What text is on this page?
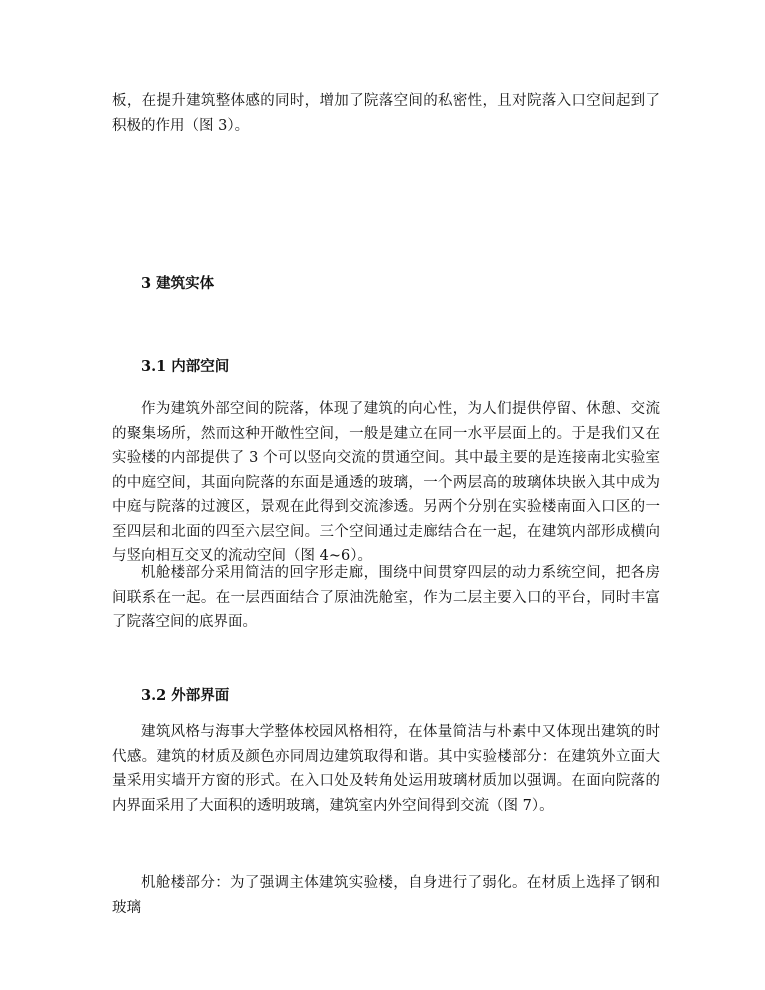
板，在提升建筑整体感的同时，增加了院落空间的私密性，且对院落入口空间起到了积极的作用（图 3）。

3 建筑实体
3.1 内部空间

作为建筑外部空间的院落，体现了建筑的向心性，为人们提供停留、休憩、交流的聚集场所，然而这种开敞性空间，一般是建立在同一水平层面上的。于是我们又在实验楼的内部提供了 3 个可以竖向交流的贯通空间。其中最主要的是连接南北实验室的中庭空间，其面向院落的东面是通透的玻璃，一个两层高的玻璃体块嵌入其中成为中庭与院落的过渡区，景观在此得到交流渗透。另两个分别在实验楼南面入口区的一至四层和北面的四至六层空间。三个空间通过走廊结合在一起，在建筑内部形成横向与竖向相互交叉的流动空间（图 4~6）。

机舱楼部分采用简洁的回字形走廊，围绕中间贯穿四层的动力系统空间，把各房间联系在一起。在一层西面结合了原油洗舱室，作为二层主要入口的平台，同时丰富了院落空间的底界面。

3.2 外部界面

建筑风格与海事大学整体校园风格相符，在体量简洁与朴素中又体现出建筑的时代感。建筑的材质及颜色亦同周边建筑取得和谐。其中实验楼部分：在建筑外立面大量采用实墙开方窗的形式。在入口处及转角处运用玻璃材质加以强调。在面向院落的内界面采用了大面积的透明玻璃，建筑室内外空间得到交流（图 7）。

机舱楼部分：为了强调主体建筑实验楼，自身进行了弱化。在材质上选择了钢和玻璃
